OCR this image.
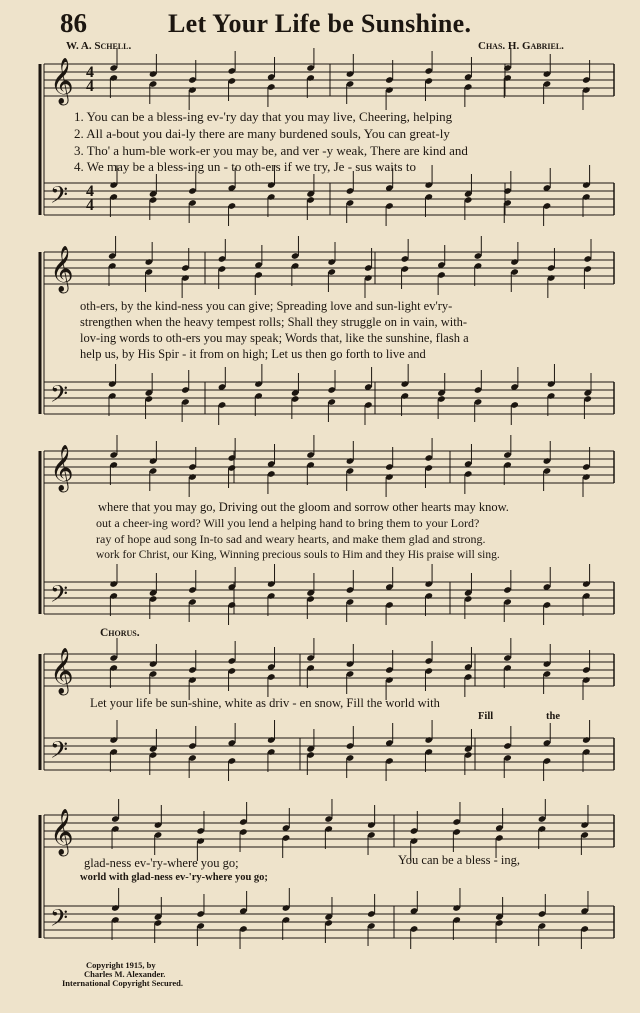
86	Let Your Life be Sunshine.
W. A. Schell.	Chas. H. Gabriel.
𝄞
𝄢
𝄞
𝄢
𝄞
𝄢
𝄞
𝄢
𝄞
𝄢
4
4
4
4
1. You can be a bless-ing ev-'ry day that you may live, Cheering, helping
2. All a-bout you dai-ly there are many burdened souls, You can great-ly
3. Tho' a hum-ble work-er you may be, and ver -y weak, There are kind and
4. We may be a bless-ing un - to oth-ers if we try, Je - sus waits to
oth-ers, by the kind-ness you can give; Spreading love and sun-light ev'ry-
strengthen when the heavy tempest rolls; Shall they struggle on in vain, with-
lov-ing words to oth-ers you may speak; Words that, like the sunshine, flash a
help us, by His Spir - it from on high; Let us then go forth to live and
where that you may go, Driving out the gloom and sorrow other hearts may know.
out a cheer-ing word? Will you lend a helping hand to bring them to your Lord?
ray of hope aud song In-to sad and weary hearts, and make them glad and strong.
work for Christ, our King, Winning precious souls to Him and they His praise will sing.
Chorus.
Let your life be sun-shine, white as driv - en snow, Fill the world with
Fill	the
glad-ness ev-'ry-where you go;	You can be a bless - ing,
world with glad-ness ev-'ry-where you go;
Copyright 1915, by
Charles M. Alexander.
International Copyright Secured.
